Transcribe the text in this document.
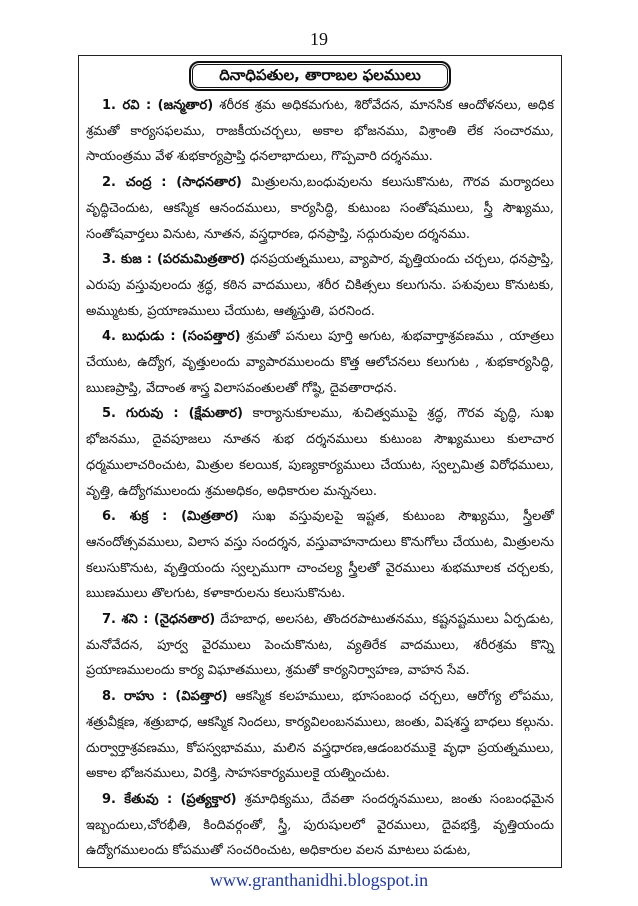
19
దినాధిపతుల, తారాబల ఫలములు

1. రవి : (జన్మతార) శరీరక శ్రమ అధికమగుట, శిరోవేదన, మానసిక ఆందోళనలు, అధిక శ్రమతో కార్యసఫలము, రాజకీయచర్చలు, అకాల భోజనము, విశ్రాంతి లేక సంచారము, సాయంత్రము వేళ శుభకార్యప్రాప్తి ధనలాభాదులు, గొప్పవారి దర్శనము.

2. చంద్ర : (సాధనతార) మిత్రులను,బంధువులను కలుసుకొనుట, గౌరవ మర్యాదలు వృద్ధిచెందుట, ఆకస్మిక ఆనందములు, కార్యసిద్ధి, కుటుంబ సంతోషములు, స్త్రీ సౌఖ్యము, సంతోషవార్తలు వినుట, నూతన, వస్త్రధారణ, ధనప్రాప్తి, సద్గురువుల దర్శనము.

3. కుజ : (పరమమిత్రతార) ధనప్రయత్నములు, వ్యాపార, వృత్తియందు చర్చలు, ధనప్రాప్తి, ఎరుపు వస్తువులందు శ్రద్ధ, కఠిన వాదములు, శరీర చికిత్సలు కలుగును. పశువులు కొనుటకు, అమ్ముటకు, ప్రయాణములు చేయుట, ఆత్మస్తుతి, పరనింద.

4. బుధుడు : (సంపత్తార) శ్రమతో పనులు పూర్తి అగుట, శుభవార్తాశ్రవణము , యాత్రలు చేయుట, ఉద్యోగ, వృత్తులందు వ్యాపారములందు కొత్త ఆలోచనలు కలుగుట , శుభకార్యసిద్ధి, ఋణప్రాప్తి, వేదాంత శాస్త్ర విలాసవంతులతో గోష్ఠి, దైవతారాధన.

5. గురువు : (క్షేమతార) కార్యానుకూలము, శుచిత్వముపై శ్రద్ధ, గౌరవ వృద్ధి, సుఖ భోజనము, దైవపూజలు నూతన శుభ దర్శనములు కుటుంబ సౌఖ్యములు కులాచార ధర్మములాచరించుట, మిత్రుల కలయిక, పుణ్యకార్యములు చేయుట, స్వల్పమిత్ర విరోధములు, వృత్తి, ఉద్యోగములందు శ్రమఅధికం, అధికారుల మన్ననలు.

6. శుక్ర : (మిత్రతార) సుఖ వస్తువులపై ఇష్టత, కుటుంబ సౌఖ్యము, స్త్రీలతో ఆనందోత్సవములు, విలాస వస్తు సందర్శన, వస్తువాహనాదులు కొనుగోలు చేయుట, మిత్రులను కలుసుకొనుట, వృత్తియందు స్వల్పముగా చాంచల్య స్త్రీలతో వైరములు శుభమూలక చర్చలకు, ఋణములు తొలగుట, కళాకారులను కలుసుకొనుట.

7. శని : (నైధనతార) దేహబాధ, అలసట, తొందరపాటుతనము, కష్టనష్టములు ఏర్పడుట, మనోవేదన, పూర్వ వైరములు పెంచుకొనుట, వ్యతిరేక వాదములు, శరీరశ్రమ కొన్ని ప్రయాణములందు కార్య విఘాతములు, శ్రమతో కార్యనిర్వాహణ, వాహన సేవ.

8. రాహు : (విపత్తార) ఆకస్మిక కలహములు, భూసంబంధ చర్చలు, ఆరోగ్య లోపము, శత్రువీక్షణ, శత్రుబాధ, ఆకస్మిక నిందలు, కార్యవిలంబనములు, జంతు, విషశస్త్ర బాధలు కల్గును. దుర్వార్తాశ్రవణము, కోపస్వభావము, మలిన వస్త్రధారణ,ఆడంబరముకై వృధా ప్రయత్నములు, అకాల భోజనములు, విరక్తి, సాహసకార్యములకై యత్నించుట.

9. కేతువు : (ప్రత్యక్తార) శ్రమాధిక్యము, దేవతా సందర్శనములు, జంతు సంబంధమైన ఇబ్బందులు,చోరభీతి, కిందివర్గంతో, స్త్రీ, పురుషులలో వైరములు, దైవభక్తి, వృత్తియందు ఉద్యోగములందు కోపముతో సంచరించుట, అధికారుల వలన మాటలు పడుట,

www.granthanidhi.blogspot.in
